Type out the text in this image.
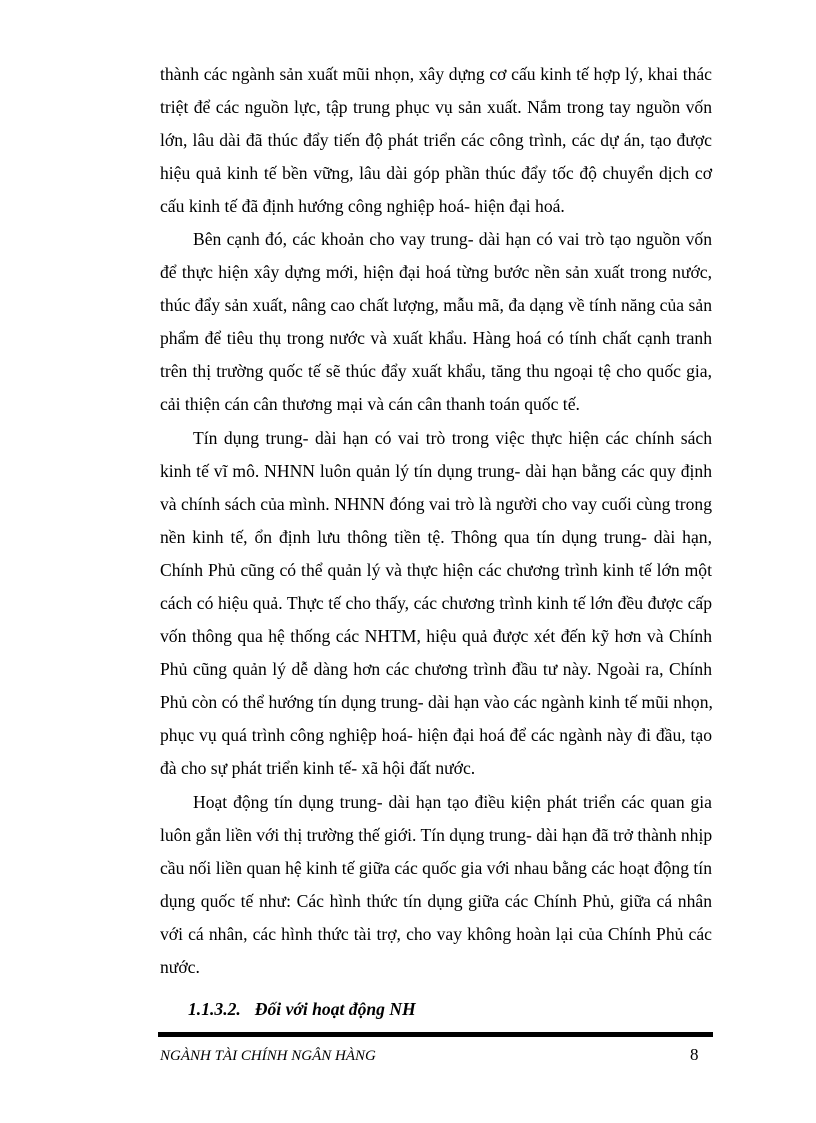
thành các ngành sản xuất mũi nhọn, xây dựng cơ cấu kinh tế hợp lý, khai thác
triệt để các nguồn lực, tập trung phục vụ sản xuất. Nắm trong tay nguồn vốn
lớn, lâu dài đã thúc đẩy tiến độ phát triển các công trình, các dự án, tạo được
hiệu quả kinh tế bền vững, lâu dài góp phần thúc đẩy tốc độ chuyển dịch cơ
cấu kinh tế đã định hướng công nghiệp hoá- hiện đại hoá.
Bên cạnh đó, các khoản cho vay trung- dài hạn có vai trò tạo nguồn vốn
để thực hiện xây dựng mới, hiện đại hoá từng bước nền sản xuất trong nước,
thúc đẩy sản xuất, nâng cao chất lượng, mẫu mã, đa dạng về tính năng của sản
phẩm để tiêu thụ trong nước và xuất khẩu. Hàng hoá có tính chất cạnh tranh
trên thị trường quốc tế sẽ thúc đẩy xuất khẩu, tăng thu ngoại tệ cho quốc gia,
cải thiện cán cân thương mại và cán cân thanh toán quốc tế.
Tín dụng trung- dài hạn có vai trò trong việc thực hiện các chính sách
kinh tế vĩ mô. NHNN luôn quản lý tín dụng trung- dài hạn bằng các quy định
và chính sách của mình. NHNN đóng vai trò là người cho vay cuối cùng trong
nền kinh tế, ổn định lưu thông tiền tệ. Thông qua tín dụng trung- dài hạn,
Chính Phủ cũng có thể quản lý và thực hiện các chương trình kinh tế lớn một
cách có hiệu quả. Thực tế cho thấy, các chương trình kinh tế lớn đều được cấp
vốn thông qua hệ thống các NHTM, hiệu quả được xét đến kỹ hơn và Chính
Phủ cũng quản lý dễ dàng hơn các chương trình đầu tư này. Ngoài ra, Chính
Phủ còn có thể hướng tín dụng trung- dài hạn vào các ngành kinh tế mũi nhọn,
phục vụ quá trình công nghiệp hoá- hiện đại hoá để các ngành này đi đầu, tạo
đà cho sự phát triển kinh tế- xã hội đất nước.
Hoạt động tín dụng trung- dài hạn tạo điều kiện phát triển các quan gia
luôn gắn liền với thị trường thế giới. Tín dụng trung- dài hạn đã trở thành nhịp
cầu nối liền quan hệ kinh tế giữa các quốc gia với nhau bằng các hoạt động tín
dụng quốc tế như: Các hình thức tín dụng giữa các Chính Phủ, giữa cá nhân
với cá nhân, các hình thức tài trợ, cho vay không hoàn lại của Chính Phủ các
nước.
1.1.3.2. Đối với hoạt động NH
NGÀNH TÀI CHÍNH NGÂN HÀNG	8
